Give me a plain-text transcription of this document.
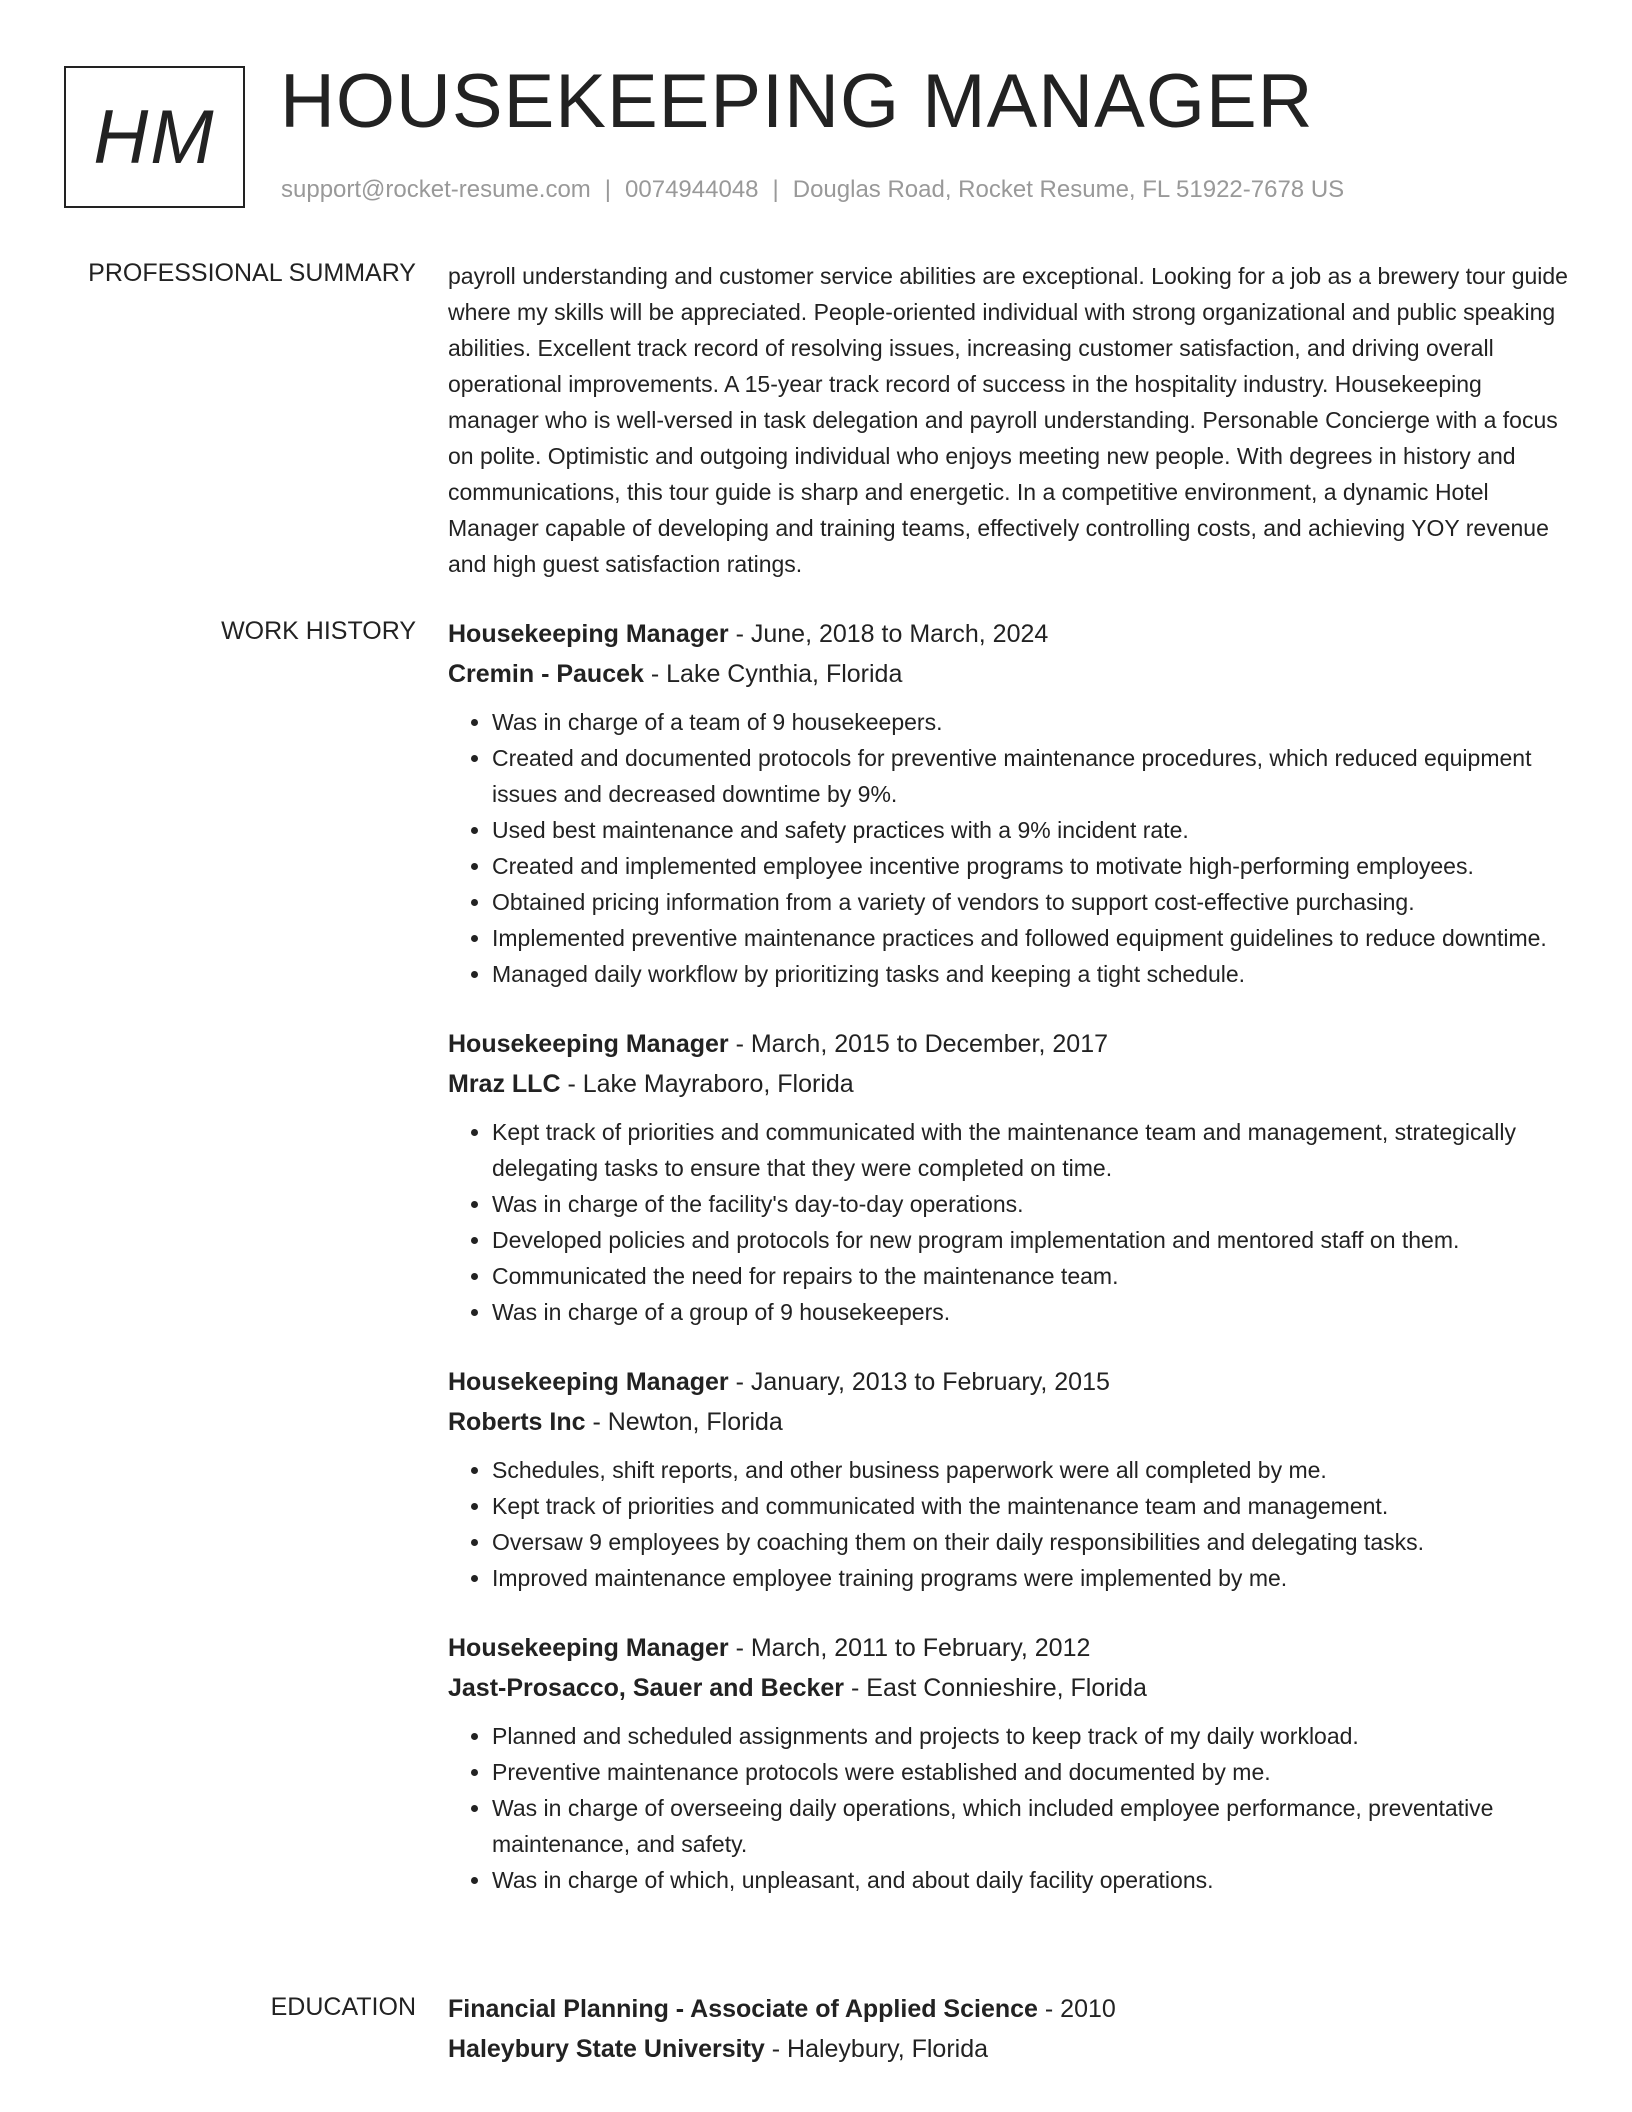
HM HOUSEKEEPING MANAGER
support@rocket-resume.com | 0074944048 | Douglas Road, Rocket Resume, FL 51922-7678 US
PROFESSIONAL SUMMARY payroll understanding and customer service abilities are exceptional. Looking for a job as a brewery tour guide where my skills will be appreciated. People-oriented individual with strong organizational and public speaking abilities. Excellent track record of resolving issues, increasing customer satisfaction, and driving overall operational improvements. A 15-year track record of success in the hospitality industry. Housekeeping manager who is well-versed in task delegation and payroll understanding. Personable Concierge with a focus on polite. Optimistic and outgoing individual who enjoys meeting new people. With degrees in history and communications, this tour guide is sharp and energetic. In a competitive environment, a dynamic Hotel Manager capable of developing and training teams, effectively controlling costs, and achieving YOY revenue and high guest satisfaction ratings.

WORK HISTORY Housekeeping Manager - June, 2018 to March, 2024
Cremin - Paucek - Lake Cynthia, Florida
• Was in charge of a team of 9 housekeepers.
• Created and documented protocols for preventive maintenance procedures, which reduced equipment issues and decreased downtime by 9%.
• Used best maintenance and safety practices with a 9% incident rate.
• Created and implemented employee incentive programs to motivate high-performing employees.
• Obtained pricing information from a variety of vendors to support cost-effective purchasing.
• Implemented preventive maintenance practices and followed equipment guidelines to reduce downtime.
• Managed daily workflow by prioritizing tasks and keeping a tight schedule.
Housekeeping Manager - March, 2015 to December, 2017
Mraz LLC - Lake Mayraboro, Florida
• Kept track of priorities and communicated with the maintenance team and management, strategically delegating tasks to ensure that they were completed on time.
• Was in charge of the facility's day-to-day operations.
• Developed policies and protocols for new program implementation and mentored staff on them.
• Communicated the need for repairs to the maintenance team.
• Was in charge of a group of 9 housekeepers.
Housekeeping Manager - January, 2013 to February, 2015
Roberts Inc - Newton, Florida
• Schedules, shift reports, and other business paperwork were all completed by me.
• Kept track of priorities and communicated with the maintenance team and management.
• Oversaw 9 employees by coaching them on their daily responsibilities and delegating tasks.
• Improved maintenance employee training programs were implemented by me.
Housekeeping Manager - March, 2011 to February, 2012
Jast-Prosacco, Sauer and Becker - East Connieshire, Florida
• Planned and scheduled assignments and projects to keep track of my daily workload.
• Preventive maintenance protocols were established and documented by me.
• Was in charge of overseeing daily operations, which included employee performance, preventative maintenance, and safety.
• Was in charge of which, unpleasant, and about daily facility operations.
EDUCATION Financial Planning - Associate of Applied Science - 2010
Haleybury State University - Haleybury, Florida
